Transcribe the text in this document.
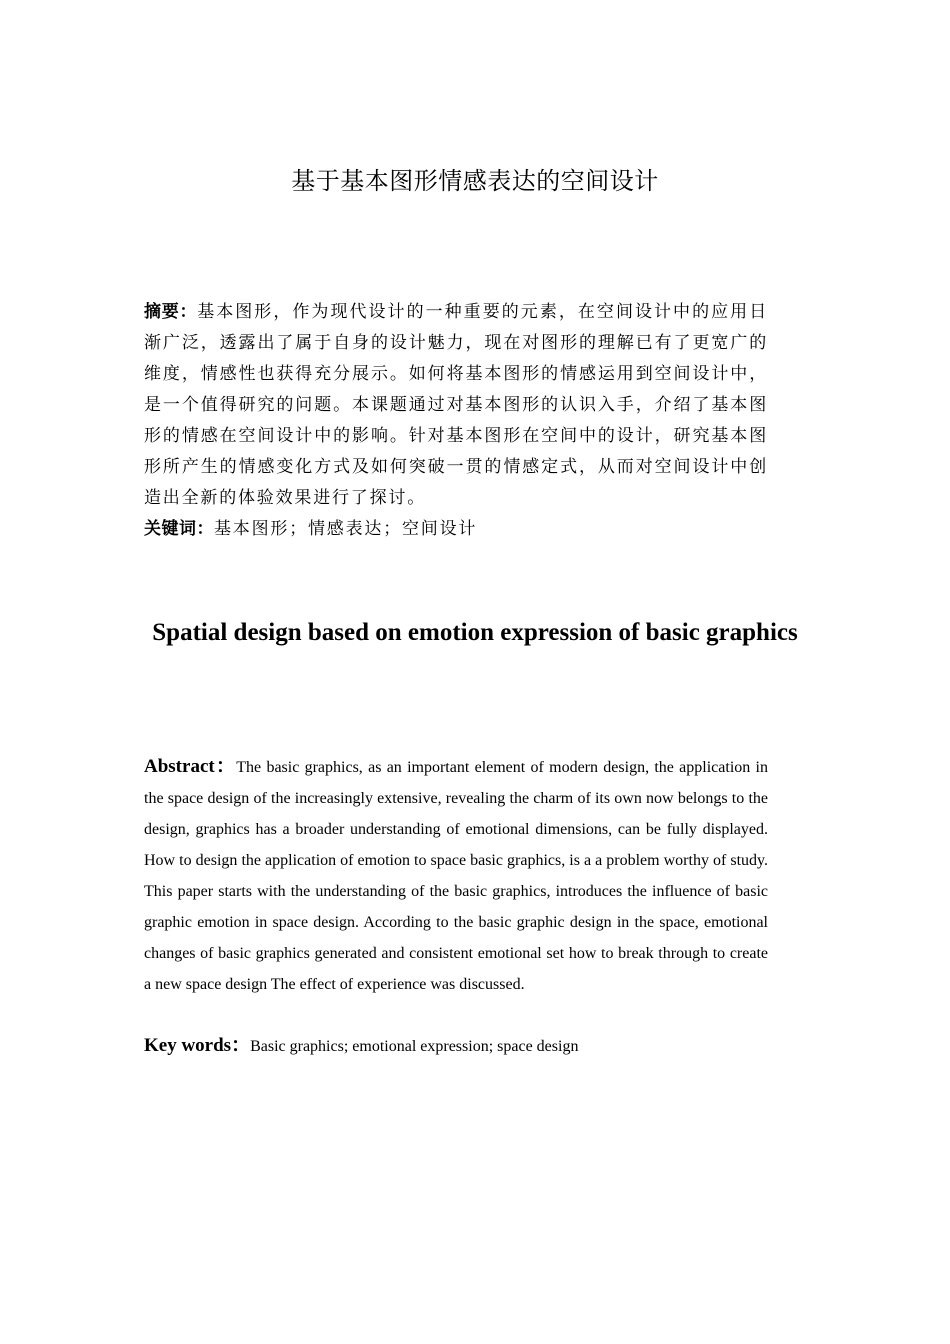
基于基本图形情感表达的空间设计
摘要：基本图形，作为现代设计的一种重要的元素，在空间设计中的应用日渐广泛，透露出了属于自身的设计魅力，现在对图形的理解已有了更宽广的维度，情感性也获得充分展示。如何将基本图形的情感运用到空间设计中，是一个值得研究的问题。本课题通过对基本图形的认识入手，介绍了基本图形的情感在空间设计中的影响。针对基本图形在空间中的设计，研究基本图形所产生的情感变化方式及如何突破一贯的情感定式，从而对空间设计中创造出全新的体验效果进行了探讨。
关键词：基本图形；情感表达；空间设计
Spatial design based on emotion expression of basic graphics
Abstract：The basic graphics, as an important element of modern design, the application in the space design of the increasingly extensive, revealing the charm of its own now belongs to the design, graphics has a broader understanding of emotional dimensions, can be fully displayed. How to design the application of emotion to space basic graphics, is a a problem worthy of study. This paper starts with the understanding of the basic graphics, introduces the influence of basic graphic emotion in space design. According to the basic graphic design in the space, emotional changes of basic graphics generated and consistent emotional set how to break through to create a new space design The effect of experience was discussed.
Key words：Basic graphics; emotional expression; space design
